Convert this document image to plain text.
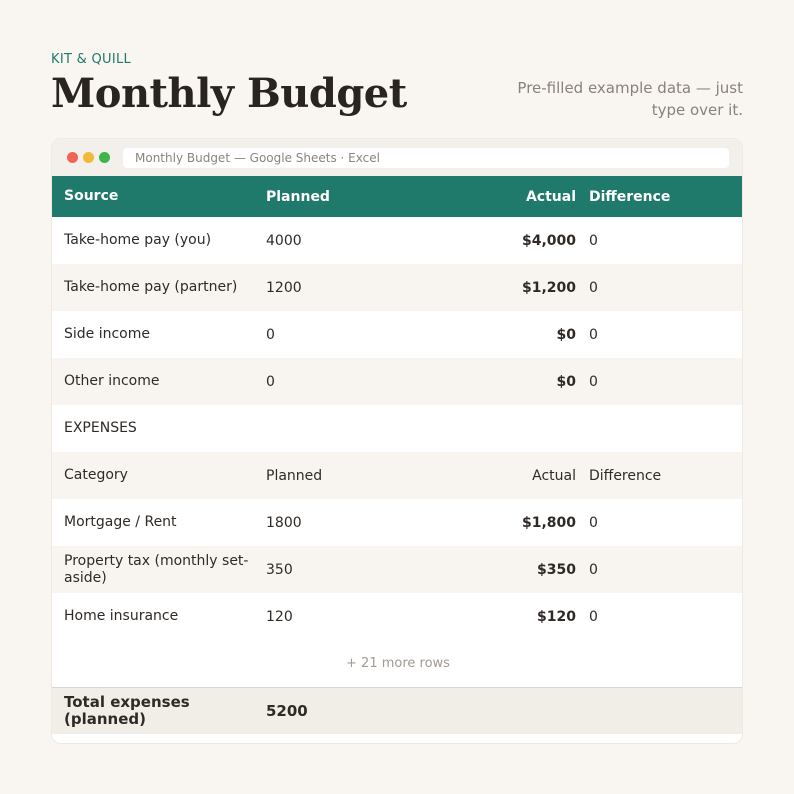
KIT & QUILL
Monthly Budget	Pre-filled example data — just type over it.
Monthly Budget — Google Sheets · Excel
Source	Planned	Actual Difference
Take-home pay (you)	4000	$4,000 0
Take-home pay (partner)	1200	$1,200 0
Side income	0	$0 0
Other income	0	$0 0
EXPENSES
Category	Planned	Actual Difference
Mortgage / Rent	1800	$1,800 0
Property tax (monthly set-aside)	350	$350 0
Home insurance	120	$120 0
+ 21 more rows
Total expenses (planned)	5200
